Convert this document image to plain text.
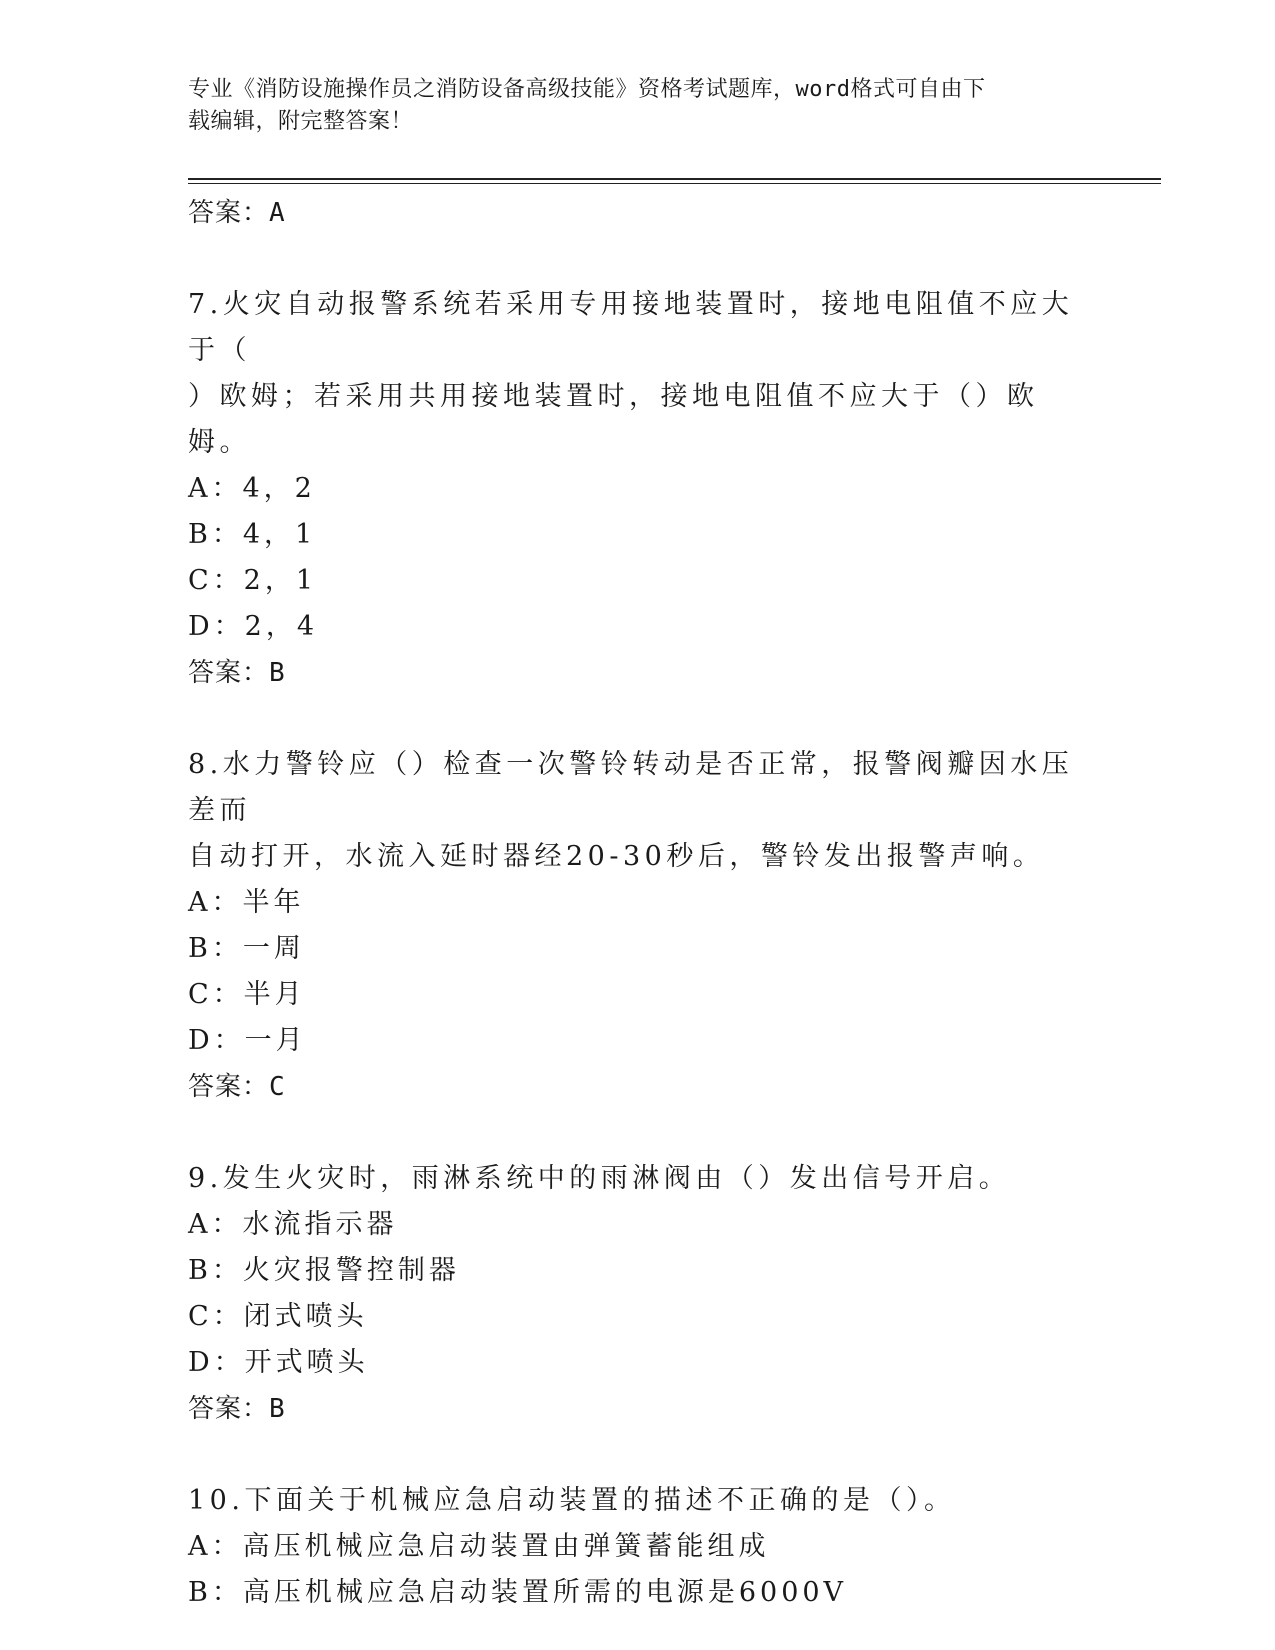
专业《消防设施操作员之消防设备高级技能》资格考试题库，word格式可自由下
载编辑，附完整答案！
答案：A
7.火灾自动报警系统若采用专用接地装置时，接地电阻值不应大于（
）欧姆；若采用共用接地装置时，接地电阻值不应大于（）欧姆。
A：4，2
B：4，1
C：2，1
D：2，4
答案：B
8.水力警铃应（）检查一次警铃转动是否正常，报警阀瓣因水压差而
自动打开，水流入延时器经20-30秒后，警铃发出报警声响。
A：半年
B：一周
C：半月
D：一月
答案：C
9.发生火灾时，雨淋系统中的雨淋阀由（）发出信号开启。
A：水流指示器
B：火灾报警控制器
C：闭式喷头
D：开式喷头
答案：B
10.下面关于机械应急启动装置的描述不正确的是（）。
A：高压机械应急启动装置由弹簧蓄能组成
B：高压机械应急启动装置所需的电源是6000V
